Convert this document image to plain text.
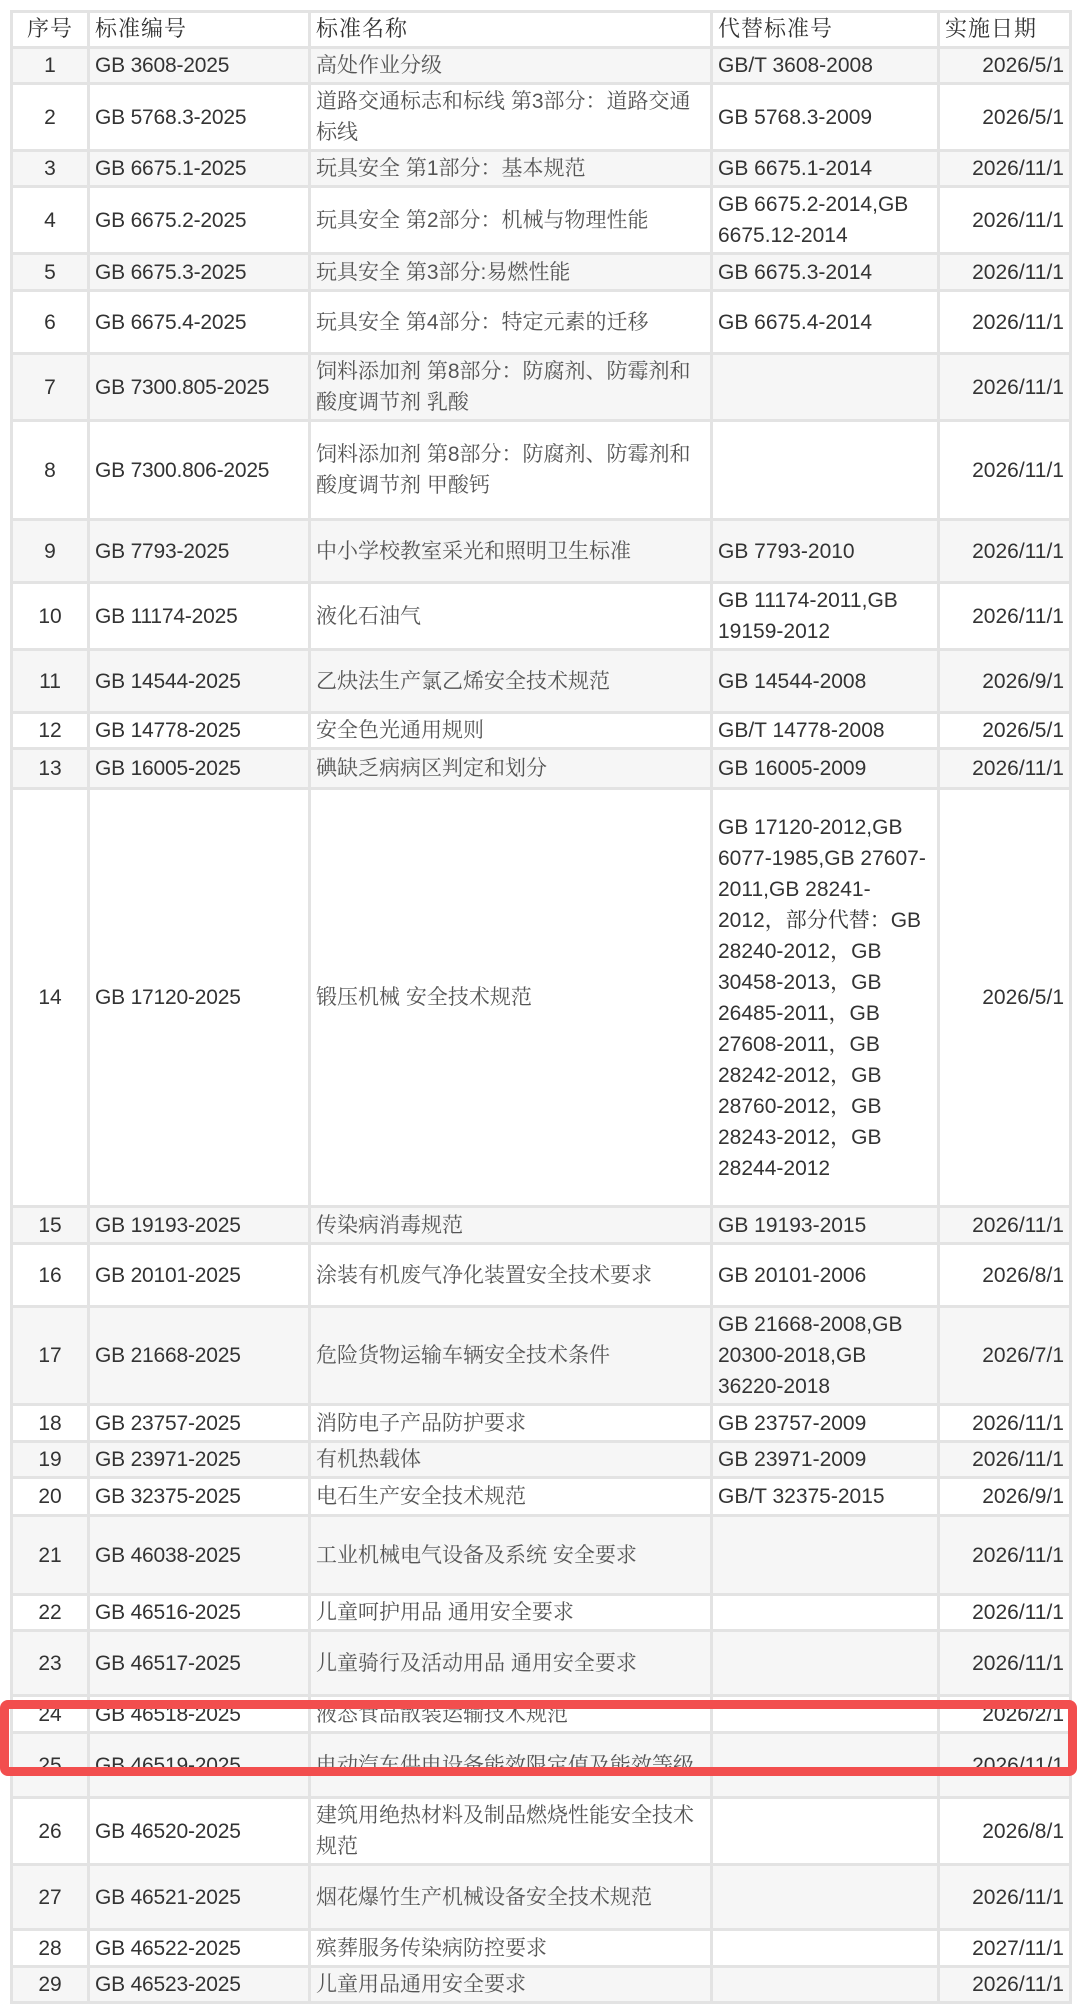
序号	标准编号	标准名称	代替标准号	实施日期
1	GB 3608-2025	高处作业分级	GB/T 3608-2008	2026/5/1
2	GB 5768.3-2025	道路交通标志和标线 第3部分：道路交通标线	GB 5768.3-2009	2026/5/1
3	GB 6675.1-2025	玩具安全 第1部分：基本规范	GB 6675.1-2014	2026/11/1
4	GB 6675.2-2025	玩具安全 第2部分：机械与物理性能	GB 6675.2-2014,GB 6675.12-2014	2026/11/1
5	GB 6675.3-2025	玩具安全 第3部分:易燃性能	GB 6675.3-2014	2026/11/1
6	GB 6675.4-2025	玩具安全 第4部分：特定元素的迁移	GB 6675.4-2014	2026/11/1
7	GB 7300.805-2025	饲料添加剂 第8部分：防腐剂、防霉剂和酸度调节剂 乳酸		2026/11/1
8	GB 7300.806-2025	饲料添加剂 第8部分：防腐剂、防霉剂和酸度调节剂 甲酸钙		2026/11/1
9	GB 7793-2025	中小学校教室采光和照明卫生标准	GB 7793-2010	2026/11/1
10	GB 11174-2025	液化石油气	GB 11174-2011,GB 19159-2012	2026/11/1
11	GB 14544-2025	乙炔法生产氯乙烯安全技术规范	GB 14544-2008	2026/9/1
12	GB 14778-2025	安全色光通用规则	GB/T 14778-2008	2026/5/1
13	GB 16005-2025	碘缺乏病病区判定和划分	GB 16005-2009	2026/11/1
14	GB 17120-2025	锻压机械 安全技术规范	GB 17120-2012,GB 6077-1985,GB 27607-2011,GB 28241-2012，部分代替：GB 28240-2012，GB 30458-2013，GB 26485-2011，GB 27608-2011，GB 28242-2012，GB 28760-2012，GB 28243-2012，GB 28244-2012	2026/5/1
15	GB 19193-2025	传染病消毒规范	GB 19193-2015	2026/11/1
16	GB 20101-2025	涂装有机废气净化装置安全技术要求	GB 20101-2006	2026/8/1
17	GB 21668-2025	危险货物运输车辆安全技术条件	GB 21668-2008,GB 20300-2018,GB 36220-2018	2026/7/1
18	GB 23757-2025	消防电子产品防护要求	GB 23757-2009	2026/11/1
19	GB 23971-2025	有机热载体	GB 23971-2009	2026/11/1
20	GB 32375-2025	电石生产安全技术规范	GB/T 32375-2015	2026/9/1
21	GB 46038-2025	工业机械电气设备及系统 安全要求		2026/11/1
22	GB 46516-2025	儿童呵护用品 通用安全要求		2026/11/1
23	GB 46517-2025	儿童骑行及活动用品 通用安全要求		2026/11/1
24	GB 46518-2025	液态食品散装运输技术规范		2026/2/1
25	GB 46519-2025	电动汽车供电设备能效限定值及能效等级		2026/11/1
26	GB 46520-2025	建筑用绝热材料及制品燃烧性能安全技术规范		2026/8/1
27	GB 46521-2025	烟花爆竹生产机械设备安全技术规范		2026/11/1
28	GB 46522-2025	殡葬服务传染病防控要求		2027/11/1
29	GB 46523-2025	儿童用品通用安全要求		2026/11/1
